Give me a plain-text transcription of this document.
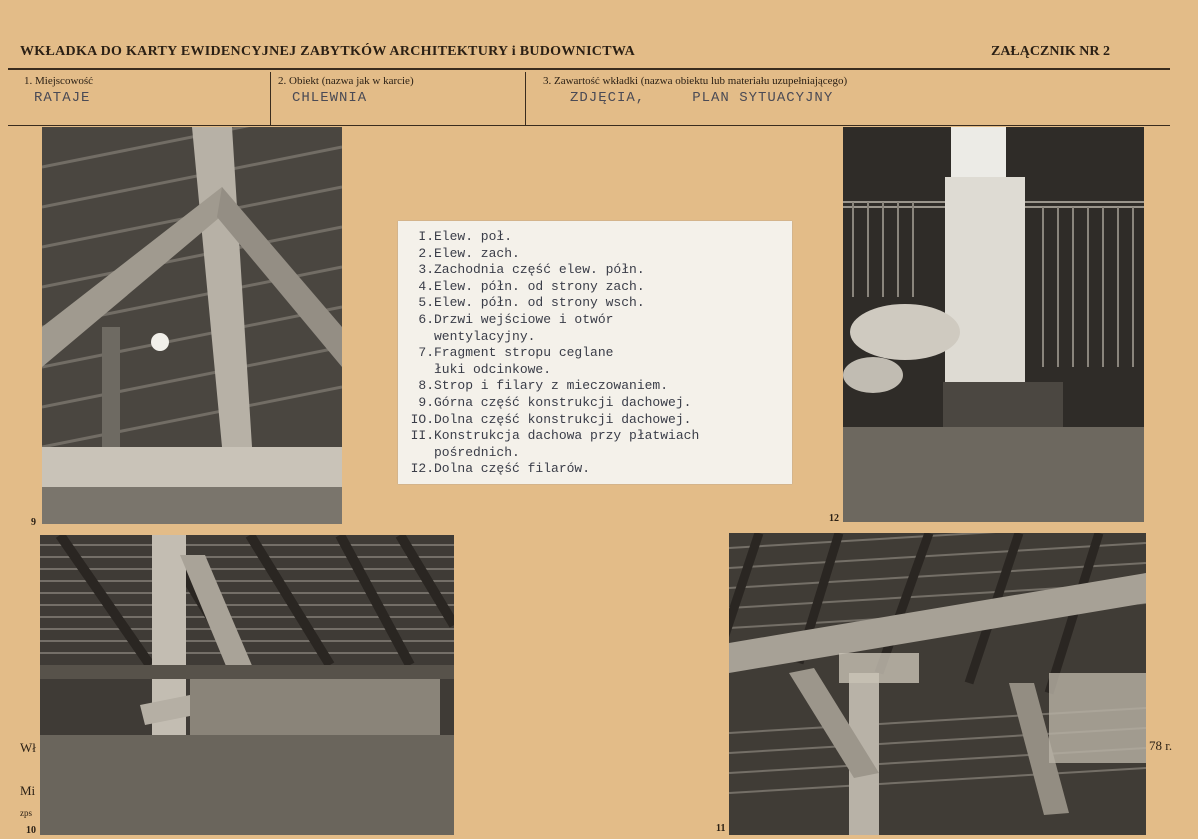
WKŁADKA DO KARTY EWIDENCYJNEJ ZABYTKÓW ARCHITEKTURY i BUDOWNICTWA	ZAŁĄCZNIK NR 2
1. Miejscowość
RATAJE
2. Obiekt (nazwa jak w karcie)
CHLEWNIA
3. Zawartość wkładki (nazwa obiektu lub materiału uzupełniającego)
ZDJĘCIA,     PLAN SYTUACYJNY
9	12
I. Elew. poł.
2. Elew. zach.
3. Zachodnia część elew. półn.
4. Elew. półn. od strony zach.
5. Elew. półn. od strony wsch.
6. Drzwi wejściowe i otwór
wentylacyjny.
7. Fragment stropu ceglane
łuki odcinkowe.
8. Strop i filary z mieczowaniem.
9. Górna część konstrukcji dachowej.
IO. Dolna część konstrukcji dachowej.
II. Konstrukcja dachowa przy płatwiach
pośrednich.
I2. Dolna część filarów.
10	11
Wł
Mi
zps
78 r.
